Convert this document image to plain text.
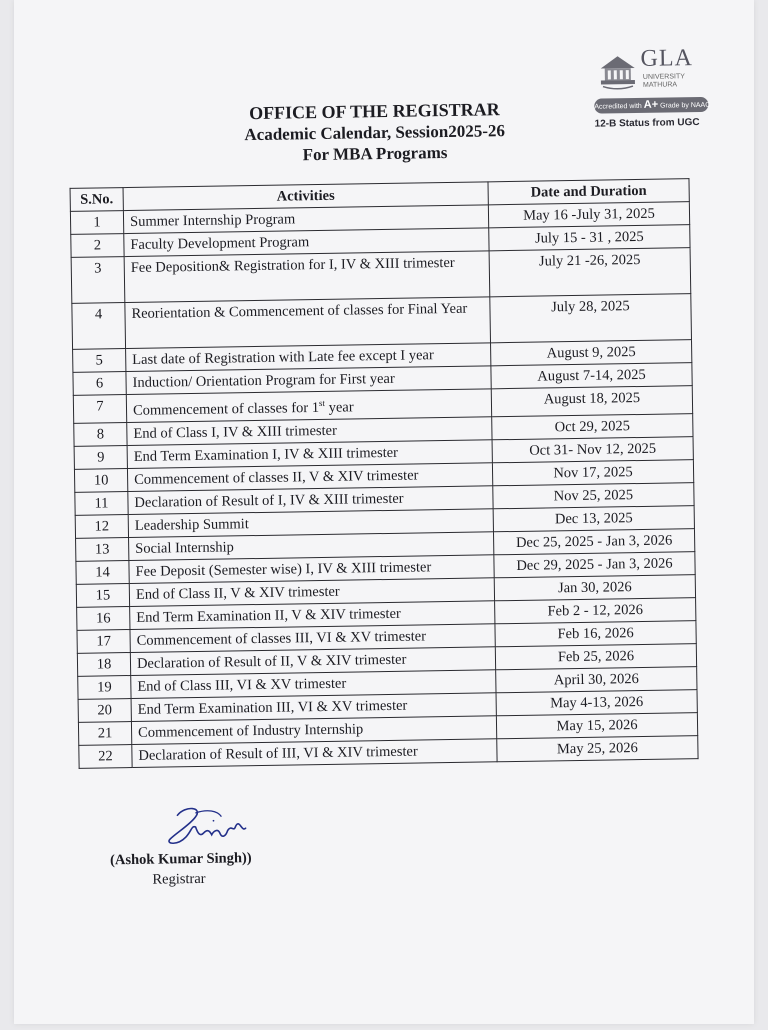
GLA
UNIVERSITY MATHURA
Accredited with A+ Grade by NAAC
12-B Status from UGC
OFFICE OF THE REGISTRAR
Academic Calendar, Session2025-26
For MBA Programs
S.No.	Activities	Date and Duration
1	Summer Internship Program	May 16 -July 31, 2025
2	Faculty Development Program	July 15 - 31 , 2025
3	Fee Deposition& Registration for I, IV & XIII trimester	July 21 -26, 2025
4	Reorientation & Commencement of classes for Final Year	July 28, 2025
5	Last date of Registration with Late fee except I year	August 9, 2025
6	Induction/ Orientation Program for First year	August 7-14, 2025
7	Commencement of classes for 1st year	August 18, 2025
8	End of Class I, IV & XIII trimester	Oct 29, 2025
9	End Term Examination I, IV & XIII trimester	Oct 31- Nov 12, 2025
10	Commencement of classes II, V & XIV trimester	Nov 17, 2025
11	Declaration of Result of I, IV & XIII trimester	Nov 25, 2025
12	Leadership Summit	Dec 13, 2025
13	Social Internship	Dec 25, 2025 - Jan 3, 2026
14	Fee Deposit (Semester wise) I, IV & XIII trimester	Dec 29, 2025 - Jan 3, 2026
15	End of Class II, V & XIV trimester	Jan 30, 2026
16	End Term Examination II, V & XIV trimester	Feb 2 - 12, 2026
17	Commencement of classes III, VI & XV trimester	Feb 16, 2026
18	Declaration of Result of II, V & XIV trimester	Feb 25, 2026
19	End of Class III, VI & XV trimester	April 30, 2026
20	End Term Examination III, VI & XV trimester	May 4-13, 2026
21	Commencement of Industry Internship	May 15, 2026
22	Declaration of Result of III, VI & XIV trimester	May 25, 2026
(Ashok Kumar Singh))
Registrar
